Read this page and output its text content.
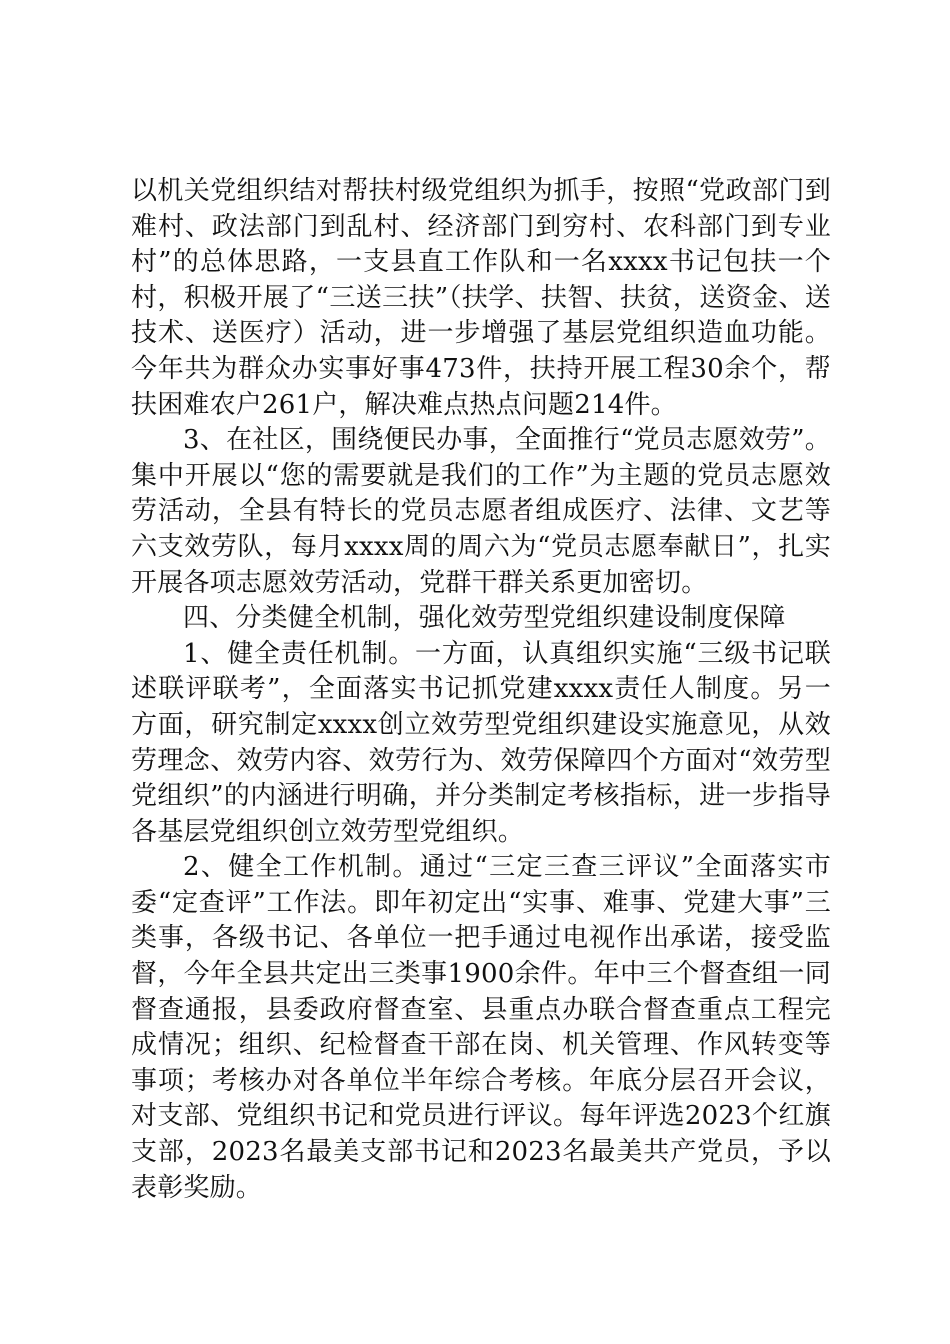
以机关党组织结对帮扶村级党组织为抓手，按照“党政部门到难村、政法部门到乱村、经济部门到穷村、农科部门到专业村”的总体思路，一支县直工作队和一名xxxx书记包扶一个村，积极开展了“三送三扶”（扶学、扶智、扶贫，送资金、送技术、送医疗）活动，进一步增强了基层党组织造血功能。今年共为群众办实事好事473件，扶持开展工程30余个，帮扶困难农户261户，解决难点热点问题214件。

3、在社区，围绕便民办事，全面推行“党员志愿效劳”。集中开展以“您的需要就是我们的工作”为主题的党员志愿效劳活动，全县有特长的党员志愿者组成医疗、法律、文艺等六支效劳队，每月xxxx周的周六为“党员志愿奉献日”，扎实开展各项志愿效劳活动，党群干群关系更加密切。

四、分类健全机制，强化效劳型党组织建设制度保障

1、健全责任机制。一方面，认真组织实施“三级书记联述联评联考”，全面落实书记抓党建xxxx责任人制度。另一方面，研究制定xxxx创立效劳型党组织建设实施意见，从效劳理念、效劳内容、效劳行为、效劳保障四个方面对“效劳型党组织”的内涵进行明确，并分类制定考核指标，进一步指导各基层党组织创立效劳型党组织。

2、健全工作机制。通过“三定三查三评议”全面落实市委“定查评”工作法。即年初定出“实事、难事、党建大事”三类事，各级书记、各单位一把手通过电视作出承诺，接受监督，今年全县共定出三类事1900余件。年中三个督查组一同督查通报，县委政府督查室、县重点办联合督查重点工程完成情况；组织、纪检督查干部在岗、机关管理、作风转变等事项；考核办对各单位半年综合考核。年底分层召开会议，对支部、党组织书记和党员进行评议。每年评选2023个红旗支部，2023名最美支部书记和2023名最美共产党员，予以表彰奖励。
